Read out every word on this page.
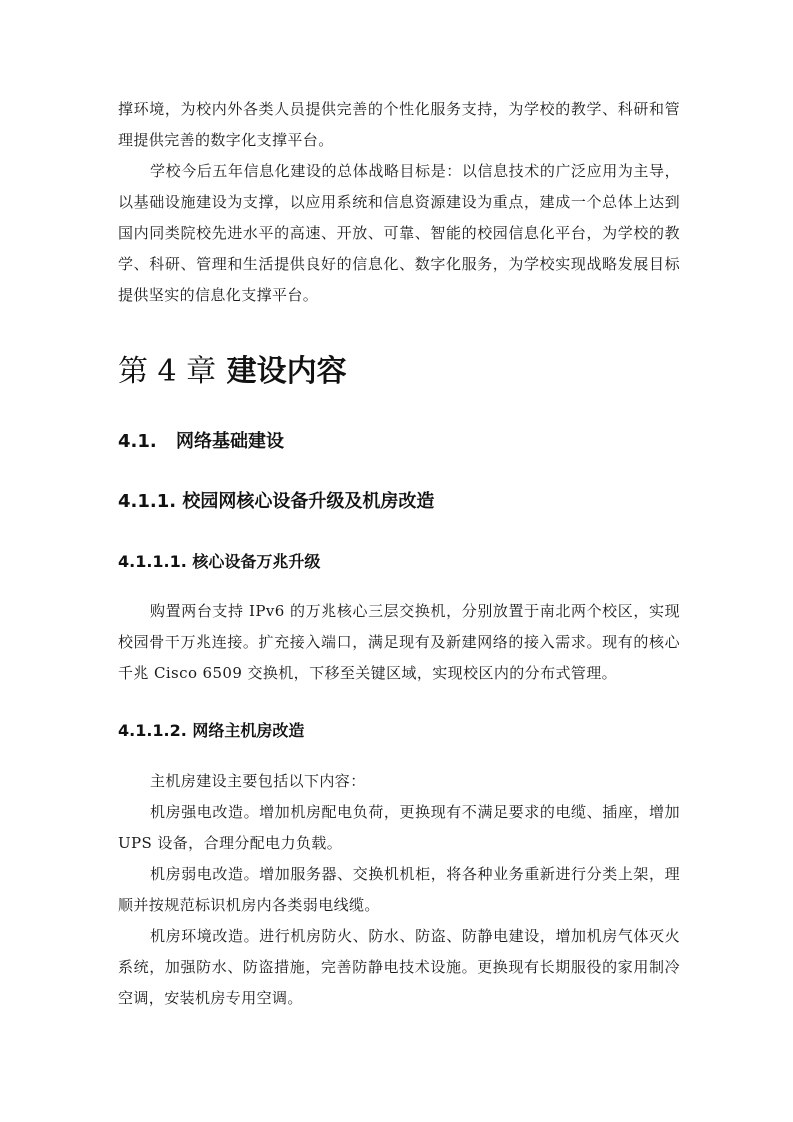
撑环境，为校内外各类人员提供完善的个性化服务支持，为学校的教学、科研和管理提供完善的数字化支撑平台。

学校今后五年信息化建设的总体战略目标是：以信息技术的广泛应用为主导，以基础设施建设为支撑，以应用系统和信息资源建设为重点，建成一个总体上达到国内同类院校先进水平的高速、开放、可靠、智能的校园信息化平台，为学校的教学、科研、管理和生活提供良好的信息化、数字化服务，为学校实现战略发展目标提供坚实的信息化支撑平台。

第 4 章 建设内容
4.1. 网络基础建设
4.1.1. 校园网核心设备升级及机房改造
4.1.1.1. 核心设备万兆升级

购置两台支持 IPv6 的万兆核心三层交换机，分别放置于南北两个校区，实现校园骨干万兆连接。扩充接入端口，满足现有及新建网络的接入需求。现有的核心千兆 Cisco 6509 交换机，下移至关键区域，实现校区内的分布式管理。

4.1.1.2. 网络主机房改造

主机房建设主要包括以下内容：

机房强电改造。增加机房配电负荷，更换现有不满足要求的电缆、插座，增加 UPS 设备，合理分配电力负载。

机房弱电改造。增加服务器、交换机机柜，将各种业务重新进行分类上架，理顺并按规范标识机房内各类弱电线缆。

机房环境改造。进行机房防火、防水、防盗、防静电建设，增加机房气体灭火系统，加强防水、防盗措施，完善防静电技术设施。更换现有长期服役的家用制冷空调，安装机房专用空调。
